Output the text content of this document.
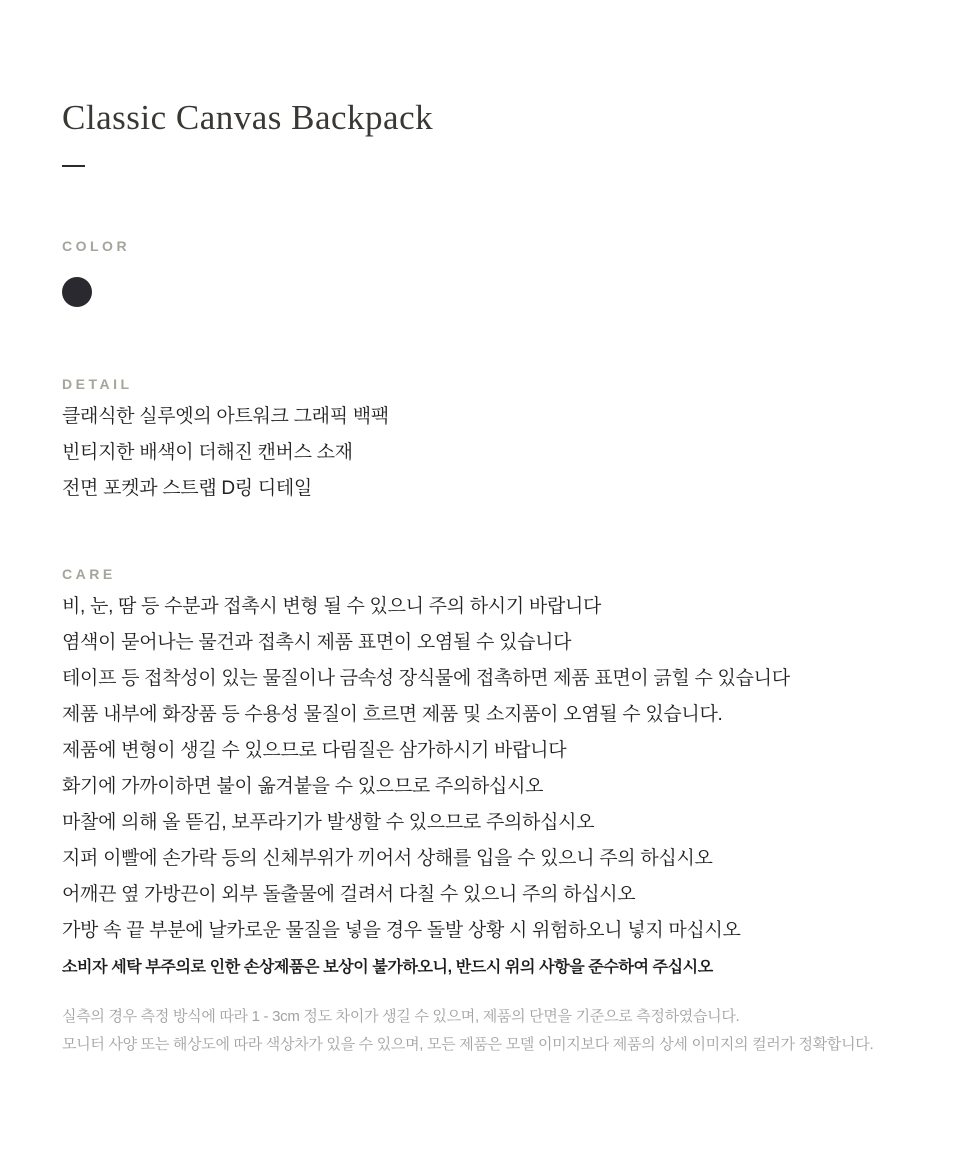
Classic Canvas Backpack
COLOR
DETAIL
클래식한 실루엣의 아트워크 그래픽 백팩
빈티지한 배색이 더해진 캔버스 소재
전면 포켓과 스트랩 D링 디테일
CARE
비, 눈, 땀 등 수분과 접촉시 변형 될 수 있으니 주의 하시기 바랍니다
염색이 묻어나는 물건과 접촉시 제품 표면이 오염될 수 있습니다
테이프 등 접착성이 있는 물질이나 금속성 장식물에 접촉하면 제품 표면이 긁힐 수 있습니다
제품 내부에 화장품 등 수용성 물질이 흐르면 제품 및 소지품이 오염될 수 있습니다.
제품에 변형이 생길 수 있으므로 다림질은 삼가하시기 바랍니다
화기에 가까이하면 불이 옮겨붙을 수 있으므로 주의하십시오
마찰에 의해 올 뜯김, 보푸라기가 발생할 수 있으므로 주의하십시오
지퍼 이빨에 손가락 등의 신체부위가 끼어서 상해를 입을 수 있으니 주의 하십시오
어깨끈 옆 가방끈이 외부 돌출물에 걸려서 다칠 수 있으니 주의 하십시오
가방 속 끝 부분에 날카로운 물질을 넣을 경우 돌발 상황 시 위험하오니 넣지 마십시오
소비자 세탁 부주의로 인한 손상제품은 보상이 불가하오니, 반드시 위의 사항을 준수하여 주십시오
실측의 경우 측정 방식에 따라 1 - 3cm 정도 차이가 생길 수 있으며, 제품의 단면을 기준으로 측정하였습니다.
모니터 사양 또는 해상도에 따라 색상차가 있을 수 있으며, 모든 제품은 모델 이미지보다 제품의 상세 이미지의 컬러가 정확합니다.
